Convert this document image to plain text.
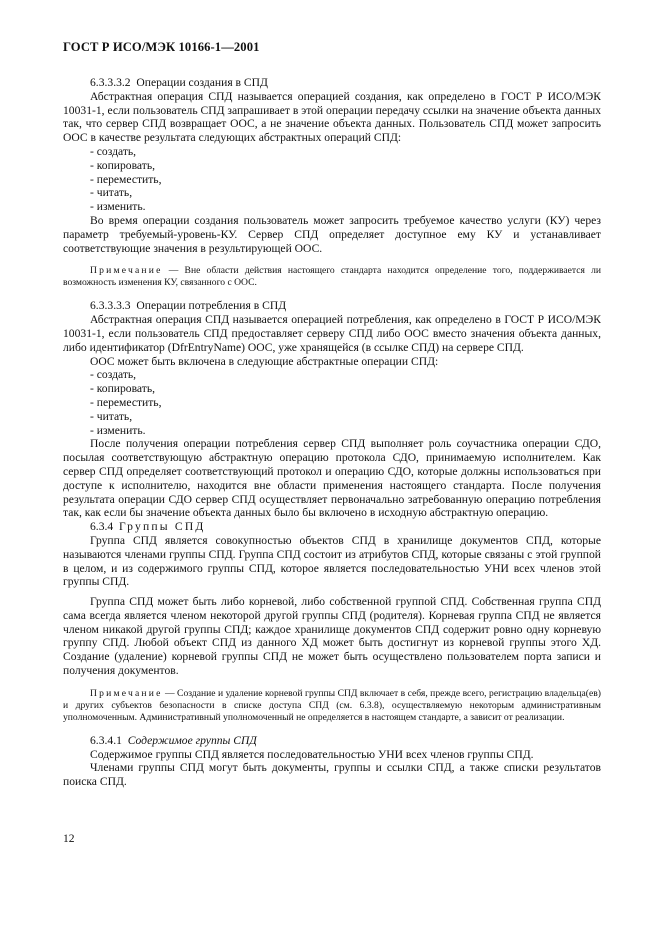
ГОСТ Р ИСО/МЭК 10166-1—2001

6.3.3.3.2 Операции создания в СПД

Абстрактная операция СПД называется операцией создания, как определено в ГОСТ Р ИСО/МЭК 10031-1, если пользователь СПД запрашивает в этой операции передачу ссылки на значение объекта данных так, что сервер СПД возвращает ООС, а не значение объекта данных. Пользователь СПД может запросить ООС в качестве результата следующих абстрактных операций СПД:

- создать,
- копировать,
- переместить,
- читать,
- изменить.

Во время операции создания пользователь может запросить требуемое качество услуги (КУ) через параметр требуемый-уровень-КУ. Сервер СПД определяет доступное ему КУ и устанавливает соответствующие значения в результирующей ООС.

Примечание — Вне области действия настоящего стандарта находится определение того, поддерживается ли возможность изменения КУ, связанного с ООС.

6.3.3.3.3 Операции потребления в СПД

Абстрактная операция СПД называется операцией потребления, как определено в ГОСТ Р ИСО/МЭК 10031-1, если пользователь СПД предоставляет серверу СПД либо ООС вместо значения объекта данных, либо идентификатор (DfrEntryName) ООС, уже хранящейся (в ссылке СПД) на сервере СПД.

ООС может быть включена в следующие абстрактные операции СПД:

- создать,
- копировать,
- переместить,
- читать,
- изменить.

После получения операции потребления сервер СПД выполняет роль соучастника операции СДО, посылая соответствующую абстрактную операцию протокола СДО, принимаемую исполнителем. Как сервер СПД определяет соответствующий протокол и операцию СДО, которые должны использоваться при доступе к исполнителю, находится вне области применения настоящего стандарта. После получения результата операции СДО сервер СПД осуществляет первоначально затребованную операцию потребления так, как если бы значение объекта данных было бы включено в исходную абстрактную операцию.

6.3.4 Группы СПД

Группа СПД является совокупностью объектов СПД в хранилище документов СПД, которые называются членами группы СПД. Группа СПД состоит из атрибутов СПД, которые связаны с этой группой в целом, и из содержимого группы СПД, которое является последовательностью УНИ всех членов этой группы СПД.

Группа СПД может быть либо корневой, либо собственной группой СПД. Собственная группа СПД сама всегда является членом некоторой другой группы СПД (родителя). Корневая группа СПД не является членом никакой другой группы СПД; каждое хранилище документов СПД содержит ровно одну корневую группу СПД. Любой объект СПД из данного ХД может быть достигнут из корневой группы этого ХД. Создание (удаление) корневой группы СПД не может быть осуществлено пользователем порта записи и получения документов.

Примечание — Создание и удаление корневой группы СПД включает в себя, прежде всего, регистрацию владельца(ев) и других субъектов безопасности в списке доступа СПД (см. 6.3.8), осуществляемую некоторым административным уполномоченным. Административный уполномоченный не определяется в настоящем стандарте, а зависит от реализации.

6.3.4.1 Содержимое группы СПД

Содержимое группы СПД является последовательностью УНИ всех членов группы СПД.

Членами группы СПД могут быть документы, группы и ссылки СПД, а также списки результатов поиска СПД.

12
